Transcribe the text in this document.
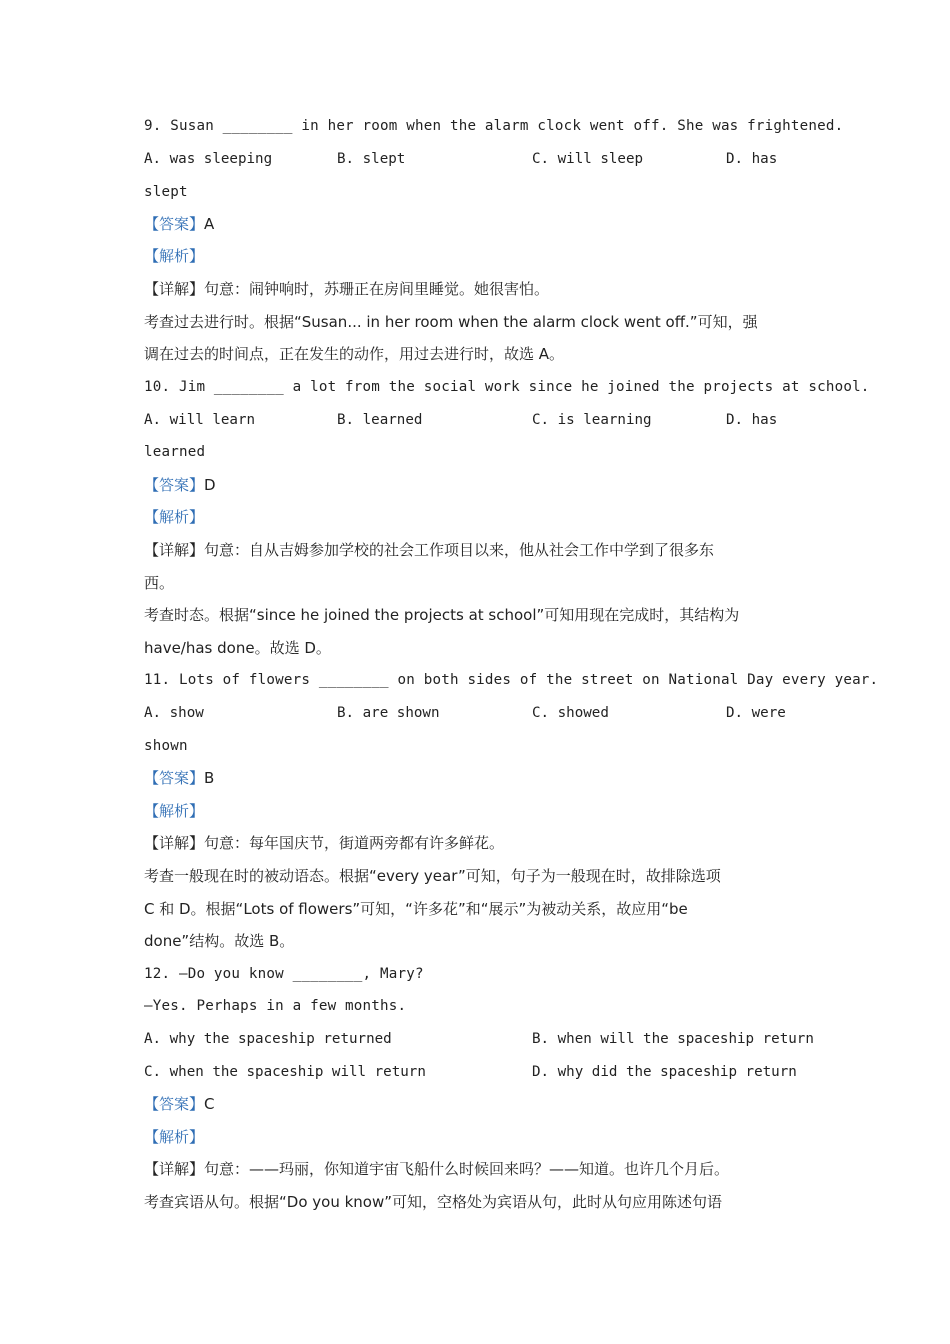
9. Susan ________ in her room when the alarm clock went off. She was frightened.
A. was sleeping	B. slept	C. will sleep	D. has
slept
【答案】A
【解析】
【详解】句意：闹钟响时，苏珊正在房间里睡觉。她很害怕。
考查过去进行时。根据“Susan... in her room when the alarm clock went off.”可知，强
调在过去的时间点，正在发生的动作，用过去进行时，故选 A。
10. Jim ________ a lot from the social work since he joined the projects at school.
A. will learn	B. learned	C. is learning	D. has
learned
【答案】D
【解析】
【详解】句意：自从吉姆参加学校的社会工作项目以来，他从社会工作中学到了很多东
西。
考查时态。根据“since he joined the projects at school”可知用现在完成时，其结构为
have/has done。故选 D。
11. Lots of flowers ________ on both sides of the street on National Day every year.
A. show	B. are shown	C. showed	D. were
shown
【答案】B
【解析】
【详解】句意：每年国庆节，街道两旁都有许多鲜花。
考查一般现在时的被动语态。根据“every year”可知，句子为一般现在时，故排除选项
C 和 D。根据“Lots of flowers”可知，“许多花”和“展示”为被动关系，故应用“be
done”结构。故选 B。
12. —Do you know ________, Mary?
—Yes. Perhaps in a few months.
A. why the spaceship returned	B. when will the spaceship return
C. when the spaceship will return	D. why did the spaceship return
【答案】C
【解析】
【详解】句意：——玛丽，你知道宇宙飞船什么时候回来吗？——知道。也许几个月后。
考查宾语从句。根据“Do you know”可知，空格处为宾语从句，此时从句应用陈述句语
